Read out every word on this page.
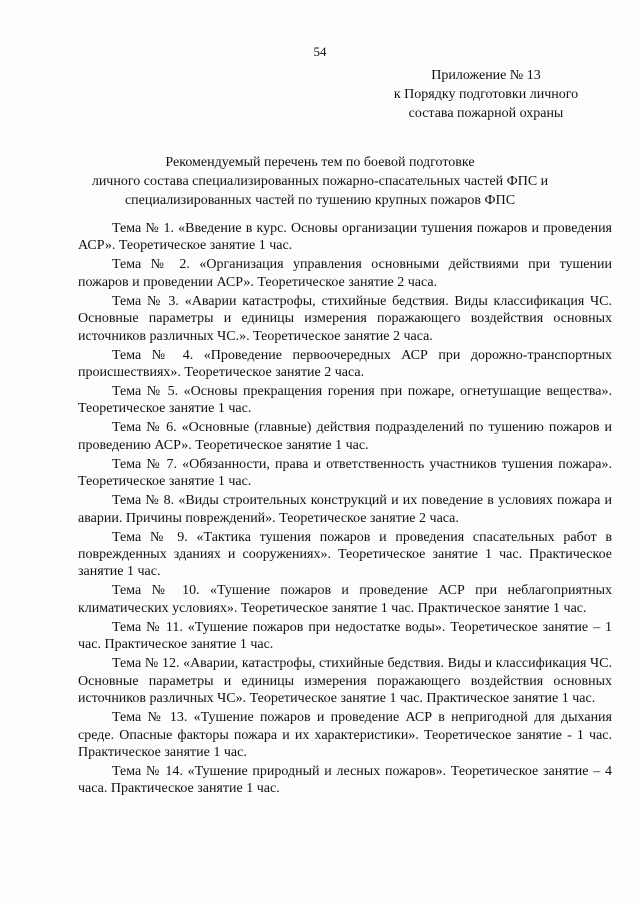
54
Приложение № 13
к Порядку подготовки личного
состава пожарной охраны
Рекомендуемый перечень тем по боевой подготовке
личного состава специализированных пожарно-спасательных частей ФПС и
специализированных частей по тушению крупных пожаров ФПС

Тема № 1. «Введение в курс. Основы организации тушения пожаров и проведения АСР». Теоретическое занятие 1 час.

Тема № 2. «Организация управления основными действиями при тушении пожаров и проведении АСР». Теоретическое занятие 2 часа.

Тема № 3. «Аварии катастрофы, стихийные бедствия. Виды классификация ЧС. Основные параметры и единицы измерения поражающего воздействия основных источников различных ЧС.». Теоретическое занятие 2 часа.

Тема № 4. «Проведение первоочередных АСР при дорожно-транспортных происшествиях». Теоретическое занятие 2 часа.

Тема № 5. «Основы прекращения горения при пожаре, огнетушащие вещества». Теоретическое занятие 1 час.

Тема № 6. «Основные (главные) действия подразделений по тушению пожаров и проведению АСР». Теоретическое занятие 1 час.

Тема № 7. «Обязанности, права и ответственность участников тушения пожара». Теоретическое занятие 1 час.

Тема № 8. «Виды строительных конструкций и их поведение в условиях пожара и аварии. Причины повреждений». Теоретическое занятие 2 часа.

Тема № 9. «Тактика тушения пожаров и проведения спасательных работ в поврежденных зданиях и сооружениях». Теоретическое занятие 1 час. Практическое занятие 1 час.

Тема № 10. «Тушение пожаров и проведение АСР при неблагоприятных климатических условиях». Теоретическое занятие 1 час. Практическое занятие 1 час.

Тема № 11. «Тушение пожаров при недостатке воды». Теоретическое занятие – 1 час. Практическое занятие 1 час.

Тема № 12. «Аварии, катастрофы, стихийные бедствия. Виды и классификация ЧС. Основные параметры и единицы измерения поражающего воздействия основных источников различных ЧС». Теоретическое занятие 1 час. Практическое занятие 1 час.

Тема № 13. «Тушение пожаров и проведение АСР в непригодной для дыхания среде. Опасные факторы пожара и их характеристики». Теоретическое занятие - 1 час. Практическое занятие 1 час.

Тема № 14. «Тушение природный и лесных пожаров». Теоретическое занятие – 4 часа. Практическое занятие 1 час.
